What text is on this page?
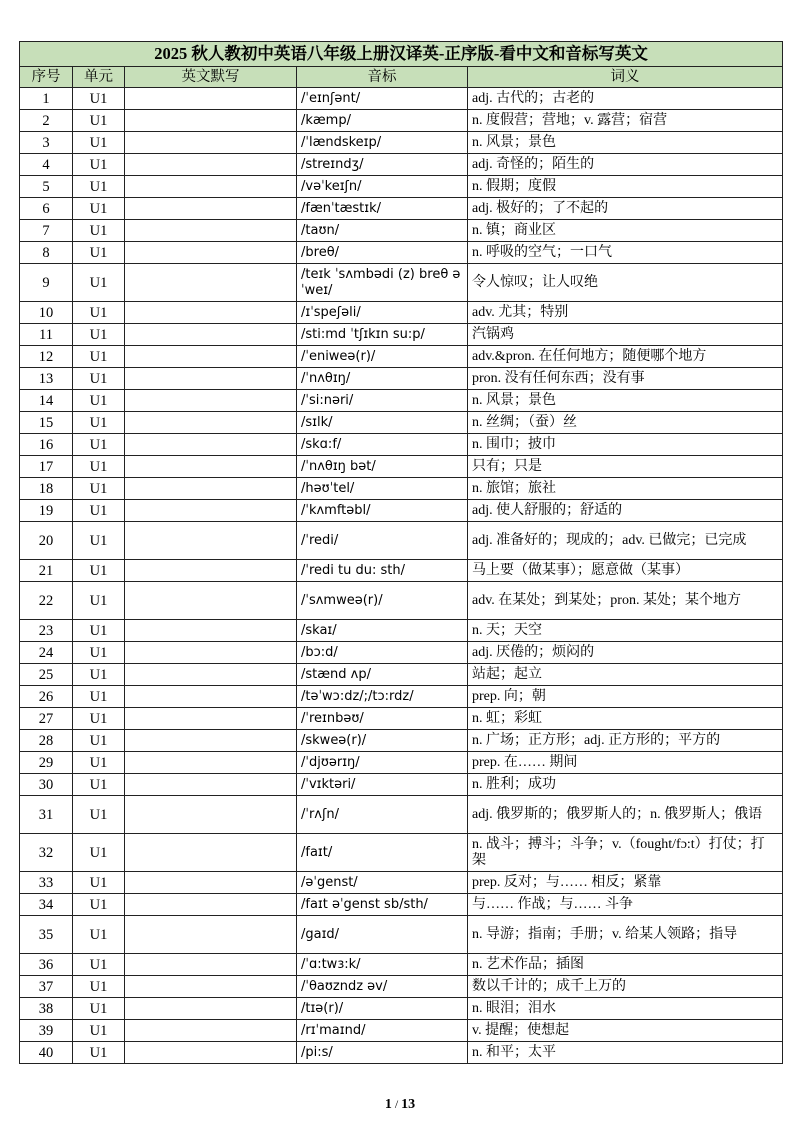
2025 秋人教初中英语八年级上册汉译英-正序版-看中文和音标写英文				
序号	单元	英文默写	音标	词义
1	U1		/ˈeɪnʃənt/	adj. 古代的；古老的
2	U1		/kæmp/	n. 度假营；营地；v. 露营；宿营
3	U1		/ˈlændskeɪp/	n. 风景；景色
4	U1		/streɪndʒ/	adj. 奇怪的；陌生的
5	U1		/vəˈkeɪʃn/	n. 假期；度假
6	U1		/fænˈtæstɪk/	adj. 极好的；了不起的
7	U1		/taʊn/	n. 镇；商业区
8	U1		/breθ/	n. 呼吸的空气；一口气
9	U1		/teɪk ˈsʌmbədi (z) breθ əˈweɪ/	令人惊叹；让人叹绝
10	U1		/ɪˈspeʃəli/	adv. 尤其；特别
11	U1		/sti:md ˈtʃɪkɪn su:p/	汽锅鸡
12	U1		/ˈeniweə(r)/	adv.&pron. 在任何地方；随便哪个地方
13	U1		/ˈnʌθɪŋ/	pron. 没有任何东西；没有事
14	U1		/ˈsi:nəri/	n. 风景；景色
15	U1		/sɪlk/	n. 丝绸；（蚕）丝
16	U1		/skɑ:f/	n. 围巾；披巾
17	U1		/ˈnʌθɪŋ bət/	只有；只是
18	U1		/həʊˈtel/	n. 旅馆；旅社
19	U1		/ˈkʌmftəbl/	adj. 使人舒服的；舒适的
20	U1		/ˈredi/	adj. 准备好的；现成的；adv. 已做完；已完成
21	U1		/ˈredi tu du: sth/	马上要（做某事）；愿意做（某事）
22	U1		/ˈsʌmweə(r)/	adv. 在某处；到某处；pron. 某处；某个地方
23	U1		/skaɪ/	n. 天；天空
24	U1		/bɔ:d/	adj. 厌倦的；烦闷的
25	U1		/stænd ʌp/	站起；起立
26	U1		/təˈwɔ:dz/;/tɔ:rdz/	prep. 向；朝
27	U1		/ˈreɪnbəʊ/	n. 虹；彩虹
28	U1		/skweə(r)/	n. 广场；正方形；adj. 正方形的；平方的
29	U1		/ˈdjʊərɪŋ/	prep. 在…… 期间
30	U1		/ˈvɪktəri/	n. 胜利；成功
31	U1		/ˈrʌʃn/	adj. 俄罗斯的；俄罗斯人的；n. 俄罗斯人；俄语
32	U1		/faɪt/	n. 战斗；搏斗；斗争；v.（fought/fɔ:t）打仗；打架
33	U1		/əˈgenst/	prep. 反对；与…… 相反；紧靠
34	U1		/faɪt əˈgenst sb/sth/	与…… 作战；与…… 斗争
35	U1		/gaɪd/	n. 导游；指南；手册；v. 给某人领路；指导
36	U1		/ˈɑ:twɜ:k/	n. 艺术作品；插图
37	U1		/ˈθaʊzndz əv/	数以千计的；成千上万的
38	U1		/tɪə(r)/	n. 眼泪；泪水
39	U1		/rɪˈmaɪnd/	v. 提醒；使想起
40	U1		/pi:s/	n. 和平；太平
1 / 13
